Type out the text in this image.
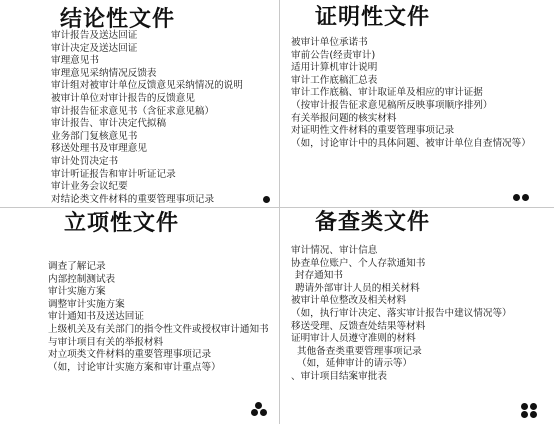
结论性文件
审计报告及送达回证
审计决定及送达回证
审理意见书
审理意见采纳情况反馈表
审计组对被审计单位反馈意见采纳情况的说明
被审计单位对审计报告的反馈意见
审计报告征求意见书（含征求意见稿）
审计报告、审计决定代拟稿
业务部门复核意见书
移送处理书及审理意见
审计处罚决定书
审计听证报告和审计听证记录
审计业务会议纪要
对结论类文件材料的重要管理事项记录
证明性文件
被审计单位承诺书
审前公告(经责审计)
适用计算机审计说明
审计工作底稿汇总表
审计工作底稿、审计取证单及相应的审计证据
（按审计报告征求意见稿所反映事项顺序排列）
有关举报问题的核实材料
对证明性文件材料的重要管理事项记录
（如，讨论审计中的具体问题、被审计单位自查情况等）
立项性文件
调查了解记录
内部控制测试表
审计实施方案
调整审计实施方案
审计通知书及送达回证
上级机关及有关部门的指令性文件或授权审计通知书
与审计项目有关的举报材料
对立项类文件材料的重要管理事项记录
（如，讨论审计实施方案和审计重点等）
备查类文件
审计情况、审计信息
协查单位账户、个人存款通知书
封存通知书
聘请外部审计人员的相关材料
被审计单位整改及相关材料
（如，执行审计决定、落实审计报告中建议情况等）
移送受理、反馈查处结果等材料
证明审计人员遵守准则的材料
其他备查类重要管理事项记录
（如，延伸审计的请示等）
、审计项目结案审批表
